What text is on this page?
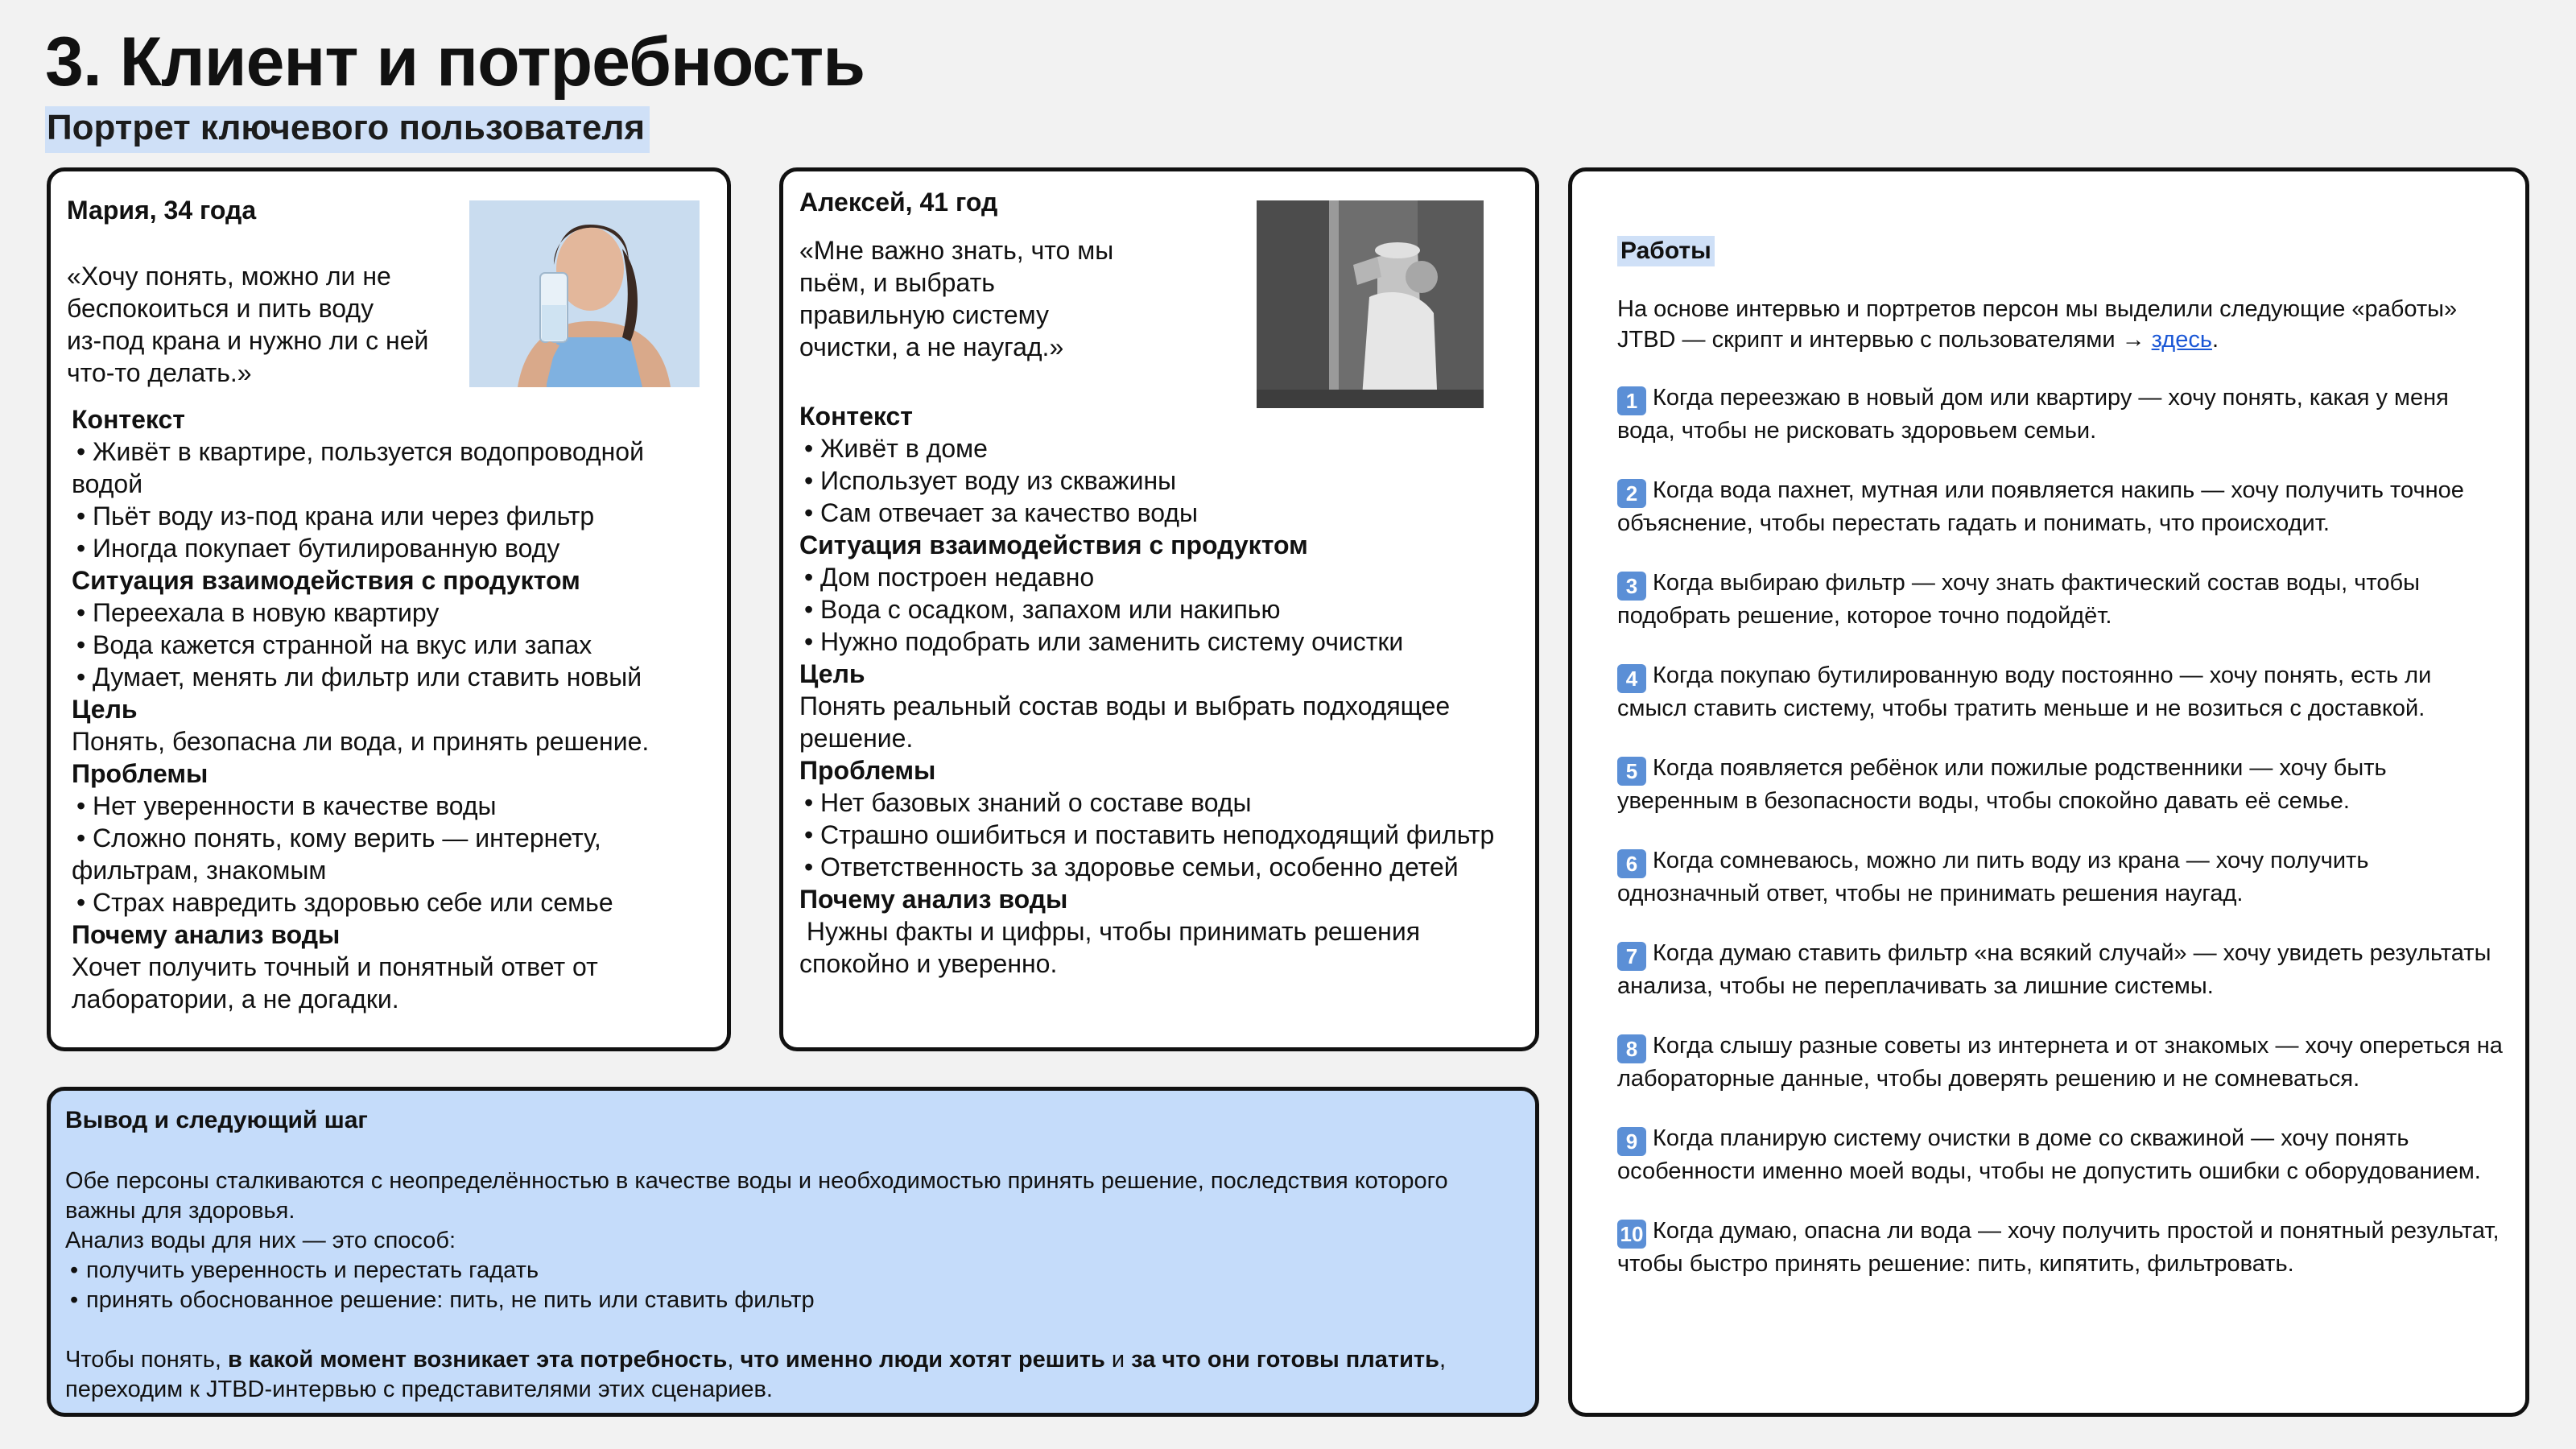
3. Клиент и потребность
Портрет ключевого пользователя
Мария, 34 года
«Хочу понять, можно ли не
беспокоиться и пить воду
из-под крана и нужно ли с ней
что-то делать.»
Контекст
• Живёт в квартире, пользуется водопроводной водой
• Пьёт воду из-под крана или через фильтр
• Иногда покупает бутилированную воду
Ситуация взаимодействия с продуктом
• Переехала в новую квартиру
• Вода кажется странной на вкус или запах
• Думает, менять ли фильтр или ставить новый
Цель
Понять, безопасна ли вода, и принять решение.
Проблемы
• Нет уверенности в качестве воды
• Сложно понять, кому верить — интернету, фильтрам, знакомым
• Страх навредить здоровью себе или семье
Почему анализ воды
Хочет получить точный и понятный ответ от лаборатории, а не догадки.
Алексей, 41 год
«Мне важно знать, что мы
пьём, и выбрать
правильную систему
очистки, а не наугад.»
Контекст
• Живёт в доме
• Использует воду из скважины
• Сам отвечает за качество воды
Ситуация взаимодействия с продуктом
• Дом построен недавно
• Вода с осадком, запахом или накипью
• Нужно подобрать или заменить систему очистки
Цель
Понять реальный состав воды и выбрать подходящее решение.
Проблемы
• Нет базовых знаний о составе воды
• Страшно ошибиться и поставить неподходящий фильтр
• Ответственность за здоровье семьи, особенно детей
Почему анализ воды
Нужны факты и цифры, чтобы принимать решения спокойно и уверенно.
Работы
На основе интервью и портретов персон мы выделили следующие «работы» JTBD — скрипт и интервью с пользователями → здесь.
1 Когда переезжаю в новый дом или квартиру — хочу понять, какая у меня вода, чтобы не рисковать здоровьем семьи.
2 Когда вода пахнет, мутная или появляется накипь — хочу получить точное объяснение, чтобы перестать гадать и понимать, что происходит.
3 Когда выбираю фильтр — хочу знать фактический состав воды, чтобы подобрать решение, которое точно подойдёт.
4 Когда покупаю бутилированную воду постоянно — хочу понять, есть ли смысл ставить систему, чтобы тратить меньше и не возиться с доставкой.
5 Когда появляется ребёнок или пожилые родственники — хочу быть уверенным в безопасности воды, чтобы спокойно давать её семье.
6 Когда сомневаюсь, можно ли пить воду из крана — хочу получить однозначный ответ, чтобы не принимать решения наугад.
7 Когда думаю ставить фильтр «на всякий случай» — хочу увидеть результаты анализа, чтобы не переплачивать за лишние системы.
8 Когда слышу разные советы из интернета и от знакомых — хочу опереться на лабораторные данные, чтобы доверять решению и не сомневаться.
9 Когда планирую систему очистки в доме со скважиной — хочу понять особенности именно моей воды, чтобы не допустить ошибки с оборудованием.
10 Когда думаю, опасна ли вода — хочу получить простой и понятный результат, чтобы быстро принять решение: пить, кипятить, фильтровать.
Вывод и следующий шаг
Обе персоны сталкиваются с неопределённостью в качестве воды и необходимостью принять решение, последствия которого важны для здоровья.
Анализ воды для них — это способ:
• получить уверенность и перестать гадать
• принять обоснованное решение: пить, не пить или ставить фильтр
Чтобы понять, в какой момент возникает эта потребность, что именно люди хотят решить и за что они готовы платить,
переходим к JTBD-интервью с представителями этих сценариев.
